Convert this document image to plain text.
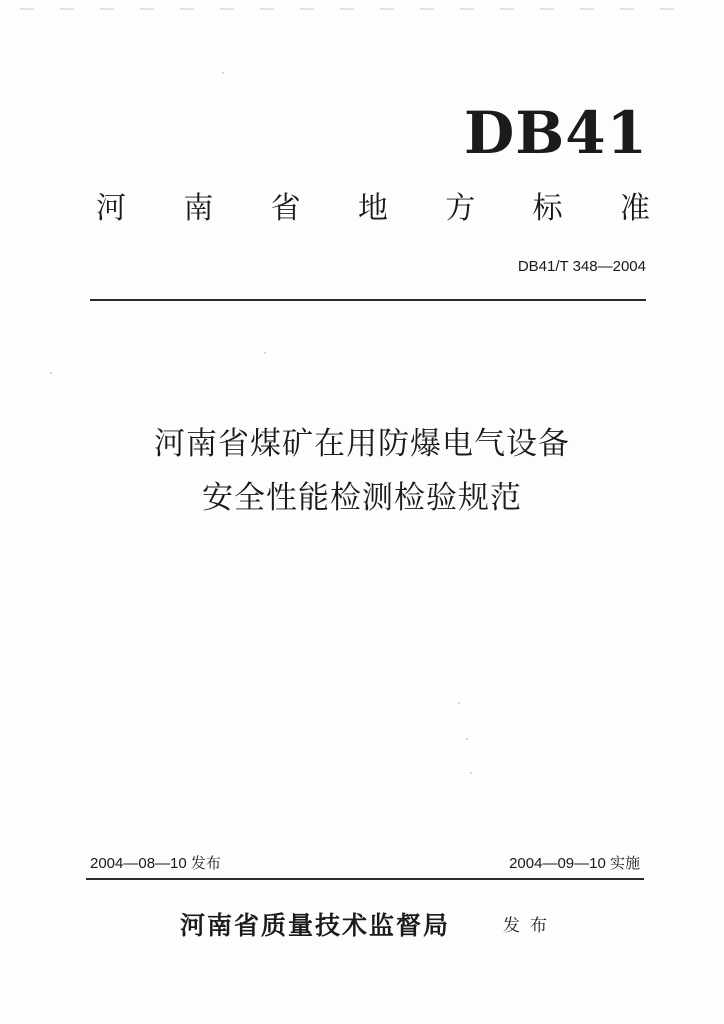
DB41
河 南 省 地 方 标 准
DB41/T 348—2004
河南省煤矿在用防爆电气设备
安全性能检测检验规范
2004—08—10 发布	2004—09—10 实施
河南省质量技术监督局	发布
